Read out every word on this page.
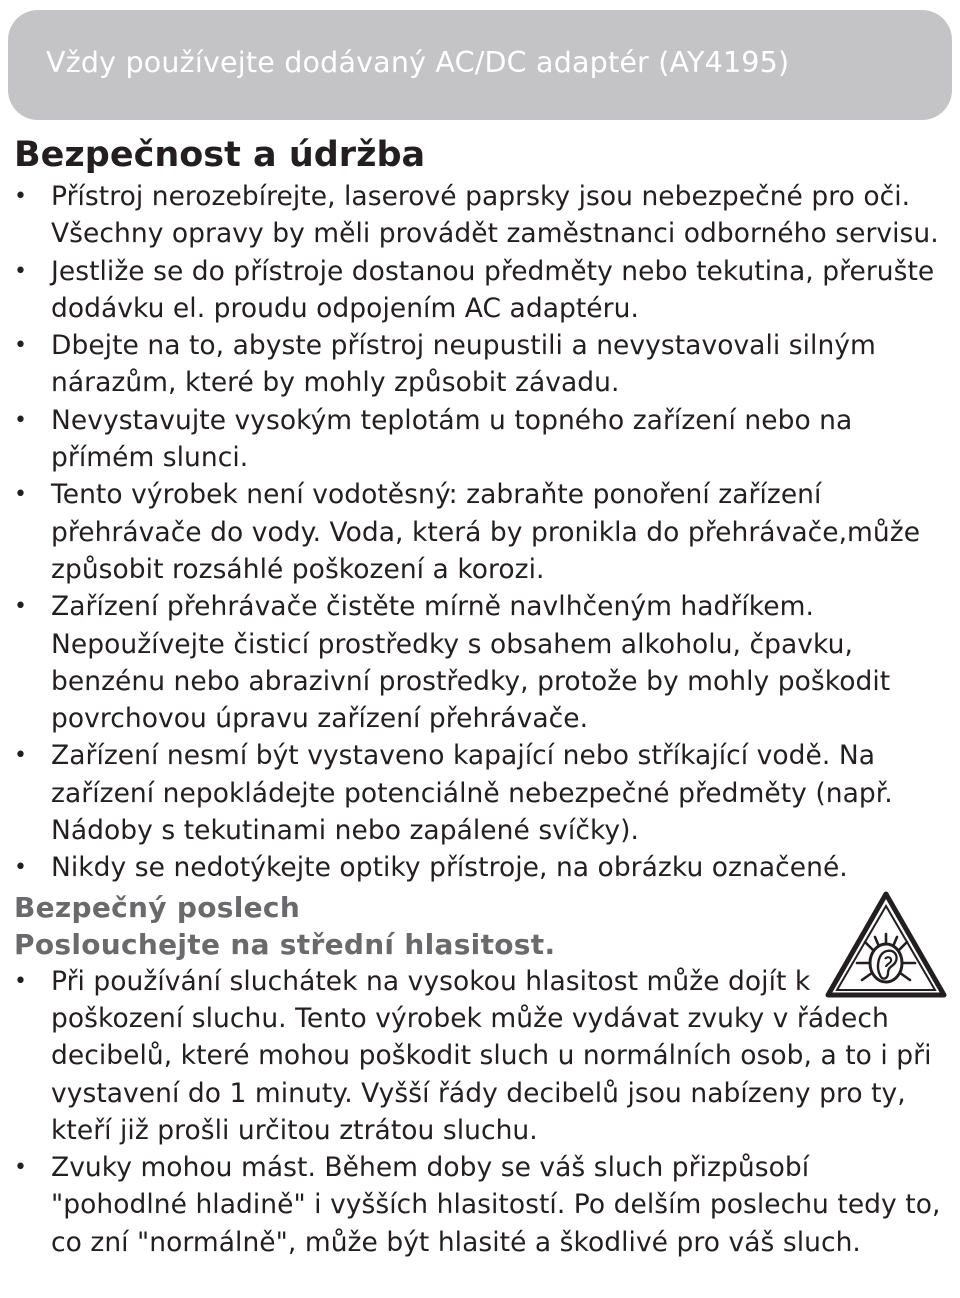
Vždy používejte dodávaný AC/DC adaptér (AY4195)
Bezpečnost a údržba
• Přístroj nerozebírejte, laserové paprsky jsou nebezpečné pro oči. Všechny opravy by měli provádět zaměstnanci odborného servisu.
• Jestliže se do přístroje dostanou předměty nebo tekutina, přerušte dodávku el. proudu odpojením AC adaptéru.
• Dbejte na to, abyste přístroj neupustili a nevystavovali silným nárazům, které by mohly způsobit závadu.
• Nevystavujte vysokým teplotám u topného zařízení nebo na přímém slunci.
• Tento výrobek není vodotěsný: zabraňte ponoření zařízení přehrávače do vody. Voda, která by pronikla do přehrávače,může způsobit rozsáhlé poškození a korozi.
• Zařízení přehrávače čistěte mírně navlhčeným hadříkem.
Nepoužívejte čisticí prostředky s obsahem alkoholu, čpavku, benzénu nebo abrazivní prostředky, protože by mohly poškodit povrchovou úpravu zařízení přehrávače.
• Zařízení nesmí být vystaveno kapající nebo stříkající vodě. Na zařízení nepokládejte potenciálně nebezpečné předměty (např. Nádoby s tekutinami nebo zapálené svíčky).
• Nikdy se nedotýkejte optiky přístroje, na obrázku označené.
Bezpečný poslech
Poslouchejte na střední hlasitost.
• Při používání sluchátek na vysokou hlasitost může dojít k poškození sluchu. Tento výrobek může vydávat zvuky v řádech decibelů, které mohou poškodit sluch u normálních osob, a to i při vystavení do 1 minuty. Vyšší řády decibelů jsou nabízeny pro ty, kteří již prošli určitou ztrátou sluchu.
• Zvuky mohou mást. Během doby se váš sluch přizpůsobí "pohodlné hladině" i vyšších hlasitostí. Po delším poslechu tedy to, co zní "normálně", může být hlasité a škodlivé pro váš sluch.
